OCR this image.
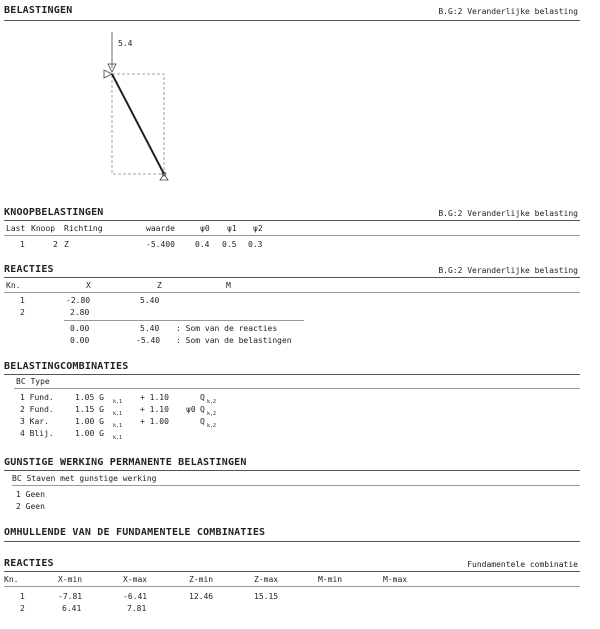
BELASTINGEN	B.G:2 Veranderlijke belasting
5.4
KNOOPBELASTINGEN	B.G:2 Veranderlijke belasting
Last Knoop Richting	waarde	ψ0 ψ1 ψ2
1	2 Z	-5.400	0.4 0.5 0.3
REACTIES	B.G:2 Veranderlijke belasting
Kn.	X	Z	M
1	-2.80	5.40
2	2.80
0.00	5.40 : Som van de reacties
0.00	-5.40 : Som van de belastingen
BELASTINGCOMBINATIES
BC Type
1 Fund.	1.05 G k,1 + 1.10	Q k,2
2 Fund.	1.15 G k,1 + 1.10 ψ0 Q k,2
3 Kar.	1.00 G k,1 + 1.00	Q k,2
4 Blij.	1.00 G k,1
GUNSTIGE WERKING PERMANENTE BELASTINGEN
BC Staven met gunstige werking
1 Geen
2 Geen
OMHULLENDE VAN DE FUNDAMENTELE COMBINATIES
REACTIES	Fundamentele combinatie
Kn.	X-min	X-max	Z-min	Z-max	M-min	M-max
1	-7.81	-6.41	12.46	15.15
2	6.41	7.81
